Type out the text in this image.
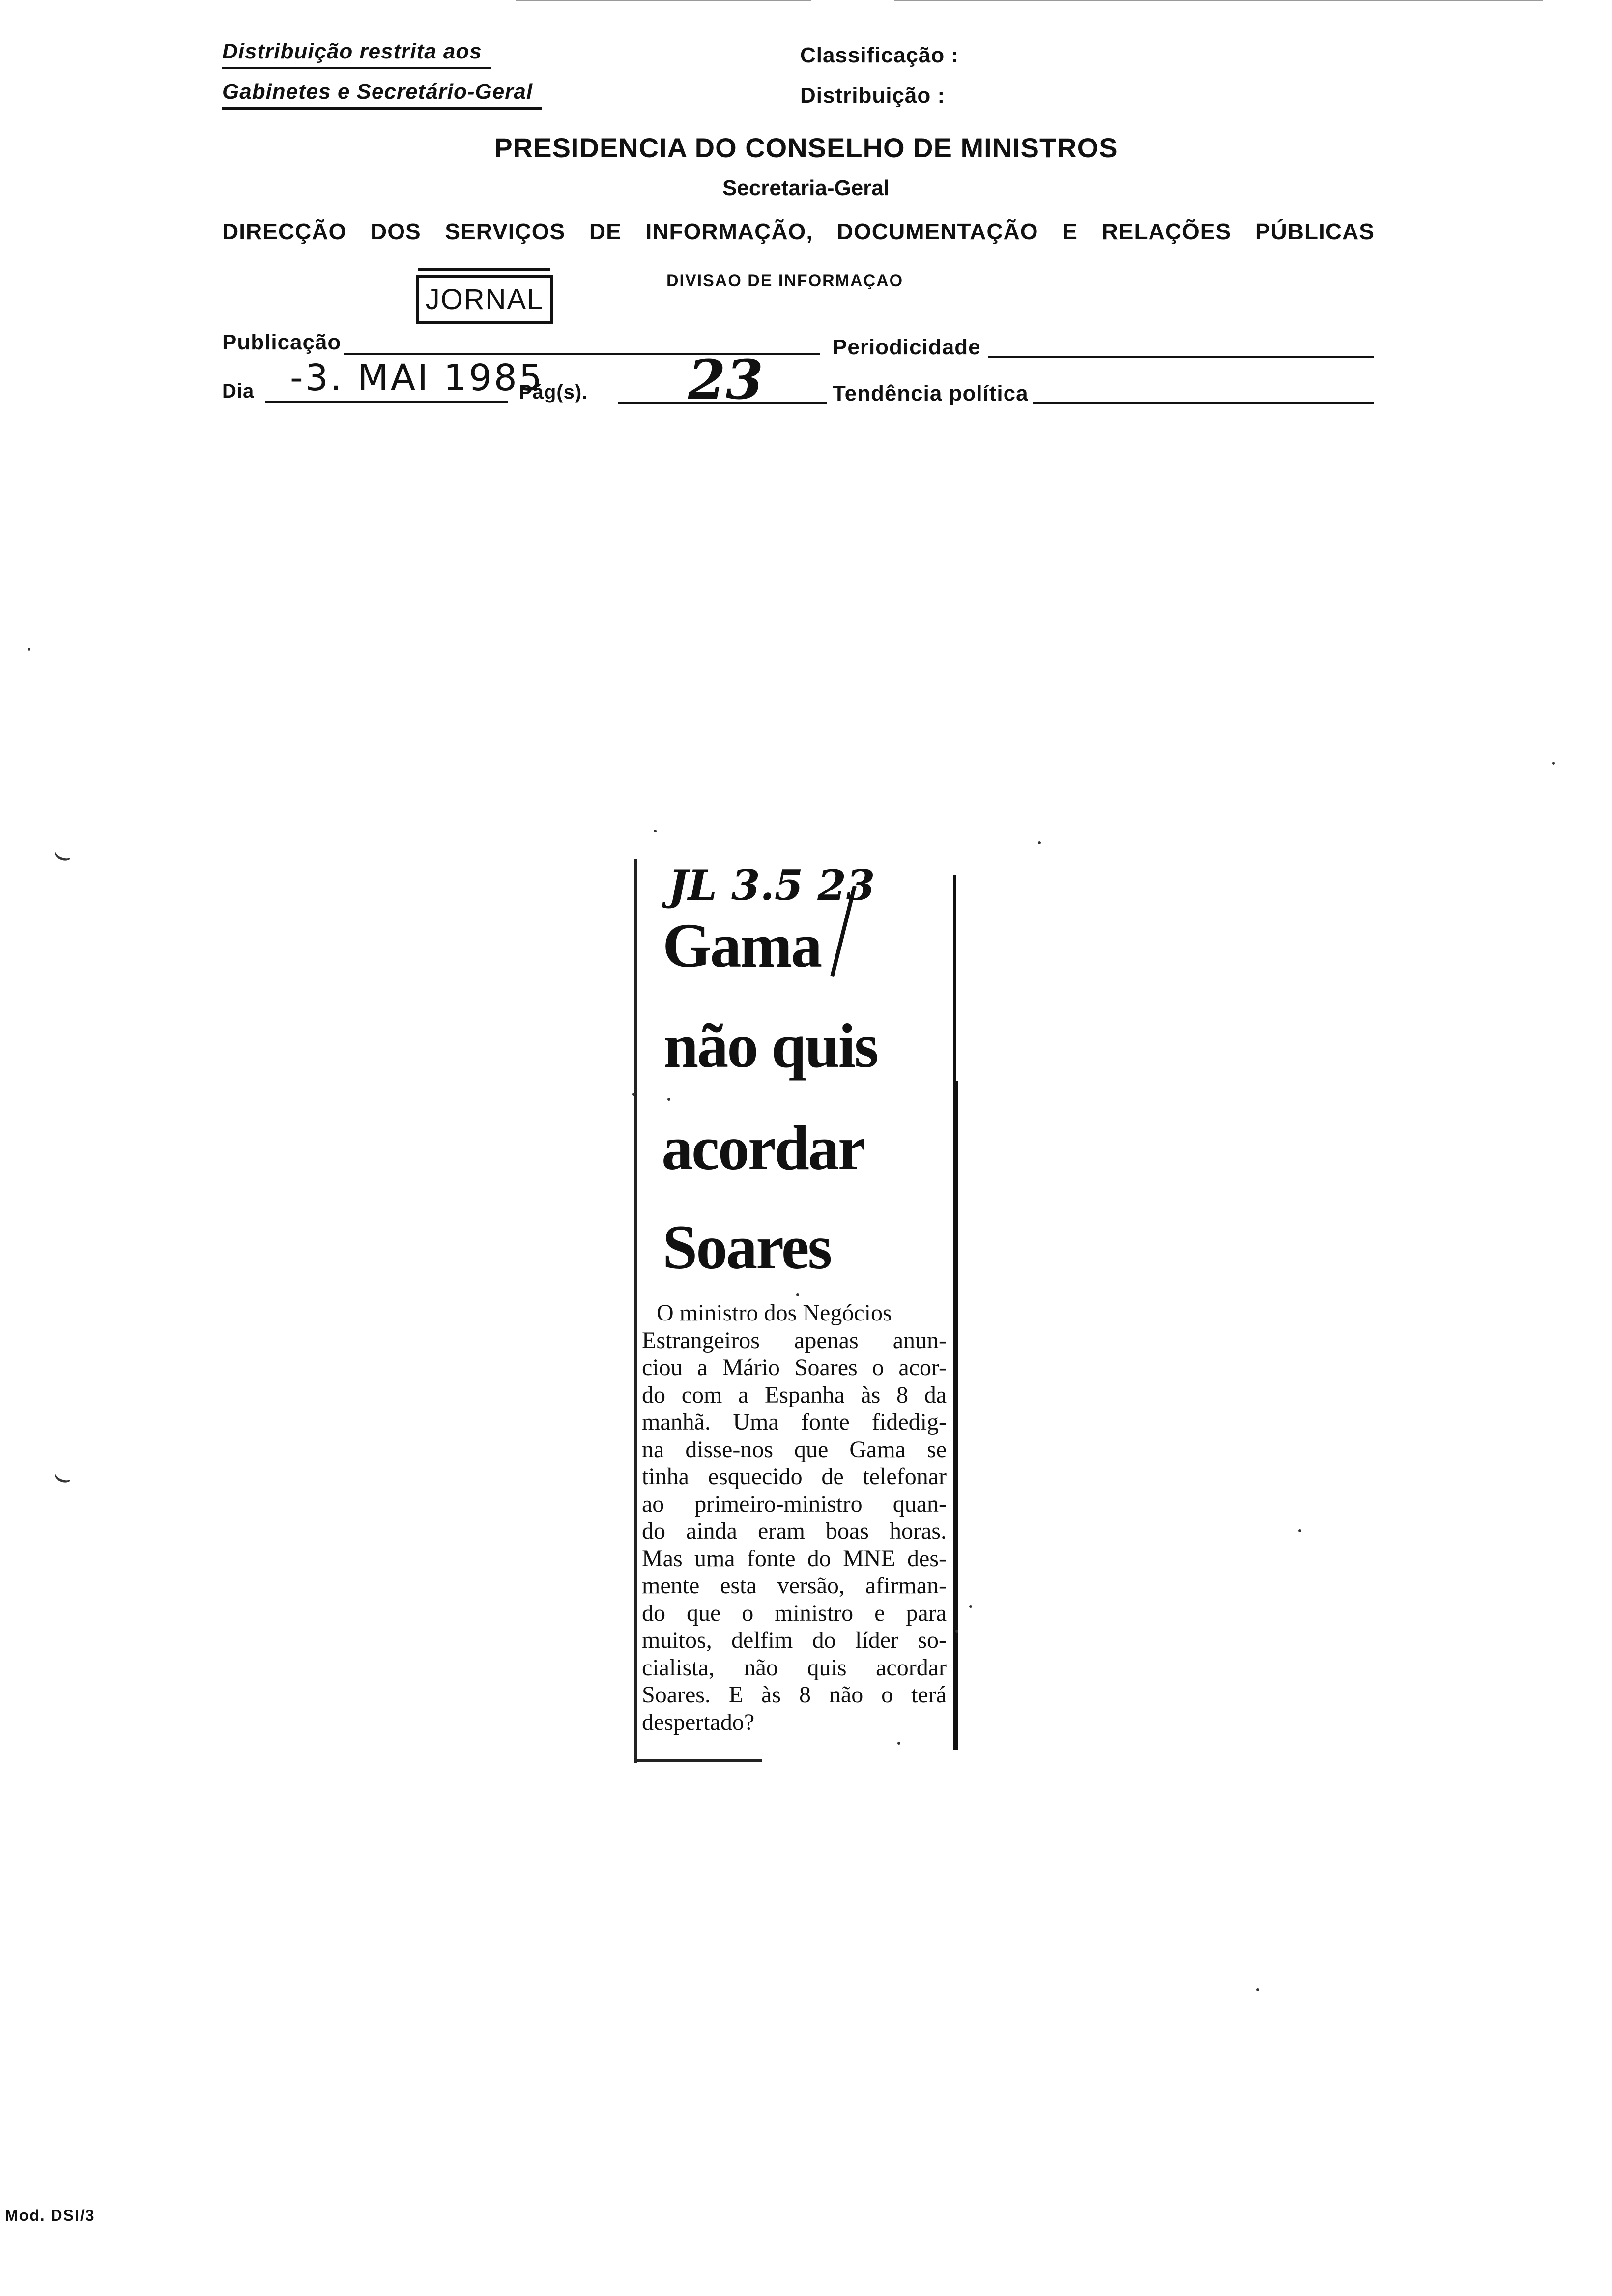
Distribuição restrita aos
Gabinetes e Secretário-Geral
Classificação :
Distribuição :
PRESIDENCIA DO CONSELHO DE MINISTROS
Secretaria-Geral
DIRECÇÃO DOS SERVIÇOS DE INFORMAÇÃO, DOCUMENTAÇÃO E RELAÇÕES PÚBLICAS
DIVISAO DE INFORMAÇAO
JORNAL
Publicação	Periodicidade
Dia -3. MAI 1985
Pág(s). 23	Tendência política
JL 3.5 23
Gama
não quis
acordar
Soares
O ministro dos Negócios
Estrangeiros apenas anun-
ciou a Mário Soares o acor-
do com a Espanha às 8 da
manhã. Uma fonte fidedig-
na disse-nos que Gama se
tinha esquecido de telefonar
ao primeiro-ministro quan-
do ainda eram boas horas.
Mas uma fonte do MNE des-
mente esta versão, afirman-
do que o ministro e para
muitos, delfim do líder so-
cialista, não quis acordar
Soares. E às 8 não o terá
despertado?
⌣
⌣
Mod. DSI/3
